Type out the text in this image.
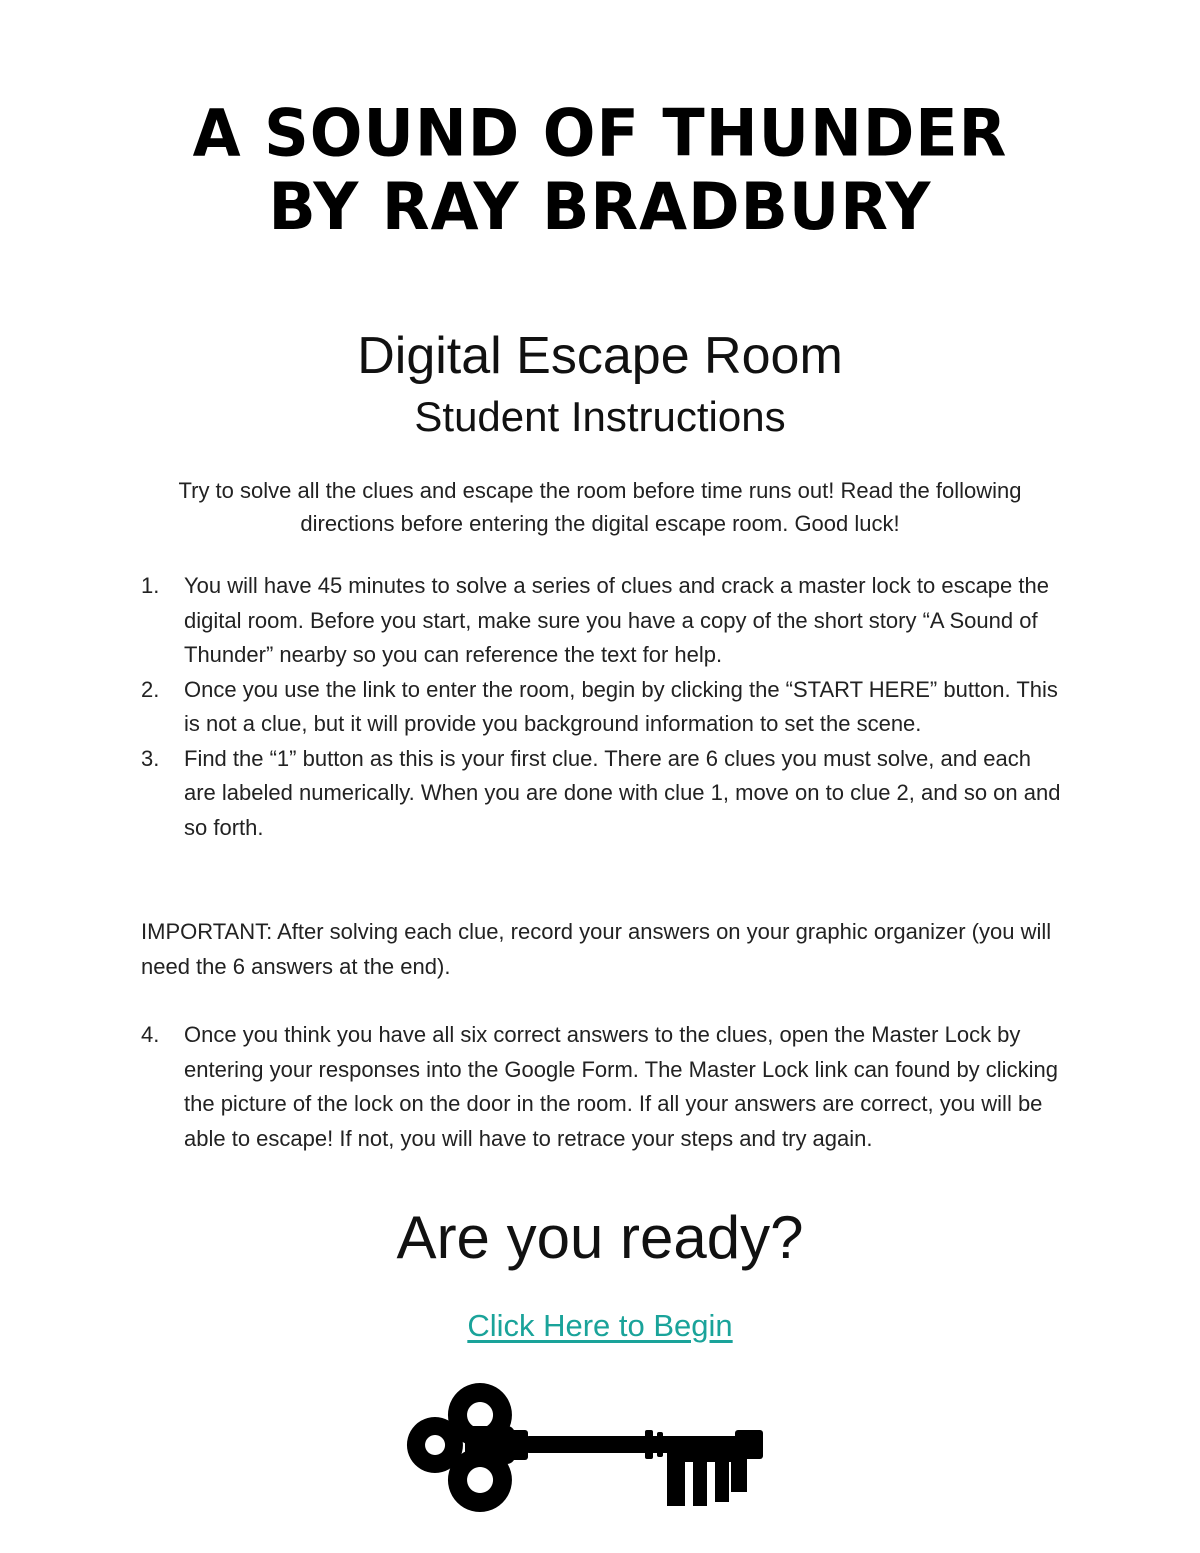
A SOUND OF THUNDER
BY RAY BRADBURY
Digital Escape Room
Student Instructions
Try to solve all the clues and escape the room before time runs out! Read the following directions before entering the digital escape room. Good luck!
1. You will have 45 minutes to solve a series of clues and crack a master lock to escape the digital room. Before you start, make sure you have a copy of the short story “A Sound of Thunder” nearby so you can reference the text for help.
2. Once you use the link to enter the room, begin by clicking the “START HERE” button. This is not a clue, but it will provide you background information to set the scene.
3. Find the “1” button as this is your first clue. There are 6 clues you must solve, and each are labeled numerically. When you are done with clue 1, move on to clue 2, and so on and so forth.
IMPORTANT: After solving each clue, record your answers on your graphic organizer (you will need the 6 answers at the end).
4. Once you think you have all six correct answers to the clues, open the Master Lock by entering your responses into the Google Form. The Master Lock link can found by clicking the picture of the lock on the door in the room. If all your answers are correct, you will be able to escape! If not, you will have to retrace your steps and try again.
Are you ready?
Click Here to Begin
